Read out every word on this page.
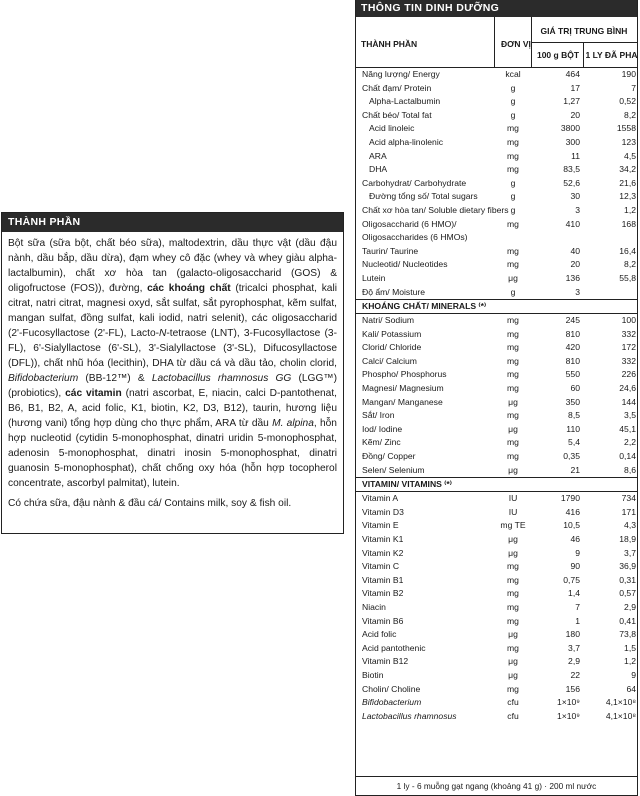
THÀNH PHẦN

Bột sữa (sữa bột, chất béo sữa), maltodextrin, dầu thực vật (dầu đậu nành, dầu bắp, dầu dừa), đạm whey cô đặc (whey và whey giàu alpha-lactalbumin), chất xơ hòa tan (galacto-oligosaccharid (GOS) & oligofructose (FOS)), đường, các khoáng chất (tricalci phosphat, kali citrat, natri citrat, magnesi oxyd, sắt sulfat, sắt pyrophosphat, kẽm sulfat, mangan sulfat, đồng sulfat, kali iodid, natri selenit), các oligosaccharid (2'-Fucosyllactose (2'-FL), Lacto-N-tetraose (LNT), 3-Fucosyllactose (3-FL), 6'-Sialyllactose (6'-SL), 3'-Sialyllactose (3'-SL), Difucosyllactose (DFL)), chất nhũ hóa (lecithin), DHA từ dầu cá và dầu tảo, cholin clorid, Bifidobacterium (BB-12™) & Lactobacillus rhamnosus GG (LGG™) (probiotics), các vitamin (natri ascorbat, E, niacin, calci D-pantothenat, B6, B1, B2, A, acid folic, K1, biotin, K2, D3, B12), taurin, hương liệu (hương vani) tổng hợp dùng cho thực phẩm, ARA từ dầu M. alpina, hỗn hợp nucleotid (cytidin 5-monophosphat, dinatri uridin 5-monophosphat, adenosin 5-monophosphat, dinatri inosin 5-monophosphat, dinatri guanosin 5-monophosphat), chất chống oxy hóa (hỗn hợp tocopherol concentrate, ascorbyl palmitat), lutein.

Có chứa sữa, đậu nành & đầu cá/ Contains milk, soy & fish oil.

THÔNG TIN DINH DƯỠNG
THÀNH PHẦN	ĐƠN VỊ
GIÁ TRỊ TRUNG BÌNH
100 g BỘT 1 LY ĐÃ PHA
Năng lượng/ Energy	kcal	464	190
Chất đạm/ Protein	g	17	7
Alpha-Lactalbumin	g	1,27	0,52
Chất béo/ Total fat	g	20	8,2
Acid linoleic	mg	3800	1558
Acid alpha-linolenic	mg	300	123
ARA	mg	11	4,5
DHA	mg	83,5	34,2
Carbohydrat/ Carbohydrate	g	52,6	21,6
Đường tổng số/ Total sugars	g	30	12,3
Chất xơ hòa tan/ Soluble dietary fibers g	3	1,2
Oligosaccharid (6 HMO)/	mg	410	168
Oligosaccharides (6 HMOs)
Taurin/ Taurine	mg	40	16,4
Nucleotid/ Nucleotides	mg	20	8,2
Lutein	μg	136	55,8
Độ ẩm/ Moisture	g	3
KHOÁNG CHẤT/ MINERALS ⁽*⁾
Natri/ Sodium	mg	245	100
Kali/ Potassium	mg	810	332
Clorid/ Chloride	mg	420	172
Calci/ Calcium	mg	810	332
Phospho/ Phosphorus	mg	550	226
Magnesi/ Magnesium	mg	60	24,6
Mangan/ Manganese	μg	350	144
Sắt/ Iron	mg	8,5	3,5
Iod/ Iodine	μg	110	45,1
Kẽm/ Zinc	mg	5,4	2,2
Đồng/ Copper	mg	0,35	0,14
Selen/ Selenium	μg	21	8,6
VITAMIN/ VITAMINS ⁽*⁾
Vitamin A	IU	1790	734
Vitamin D3	IU	416	171
Vitamin E	mg TE	10,5	4,3
Vitamin K1	μg	46	18,9
Vitamin K2	μg	9	3,7
Vitamin C	mg	90	36,9
Vitamin B1	mg	0,75	0,31
Vitamin B2	mg	1,4	0,57
Niacin	mg	7	2,9
Vitamin B6	mg	1	0,41
Acid folic	μg	180	73,8
Acid pantothenic	mg	3,7	1,5
Vitamin B12	μg	2,9	1,2
Biotin	μg	22	9
Cholin/ Choline	mg	156	64
Bifidobacterium	cfu	1×10⁹	4,1×10⁸
Lactobacillus rhamnosus	cfu	1×10⁹	4,1×10⁸
1 ly - 6 muỗng gạt ngang (khoảng 41 g) · 200 ml nước
